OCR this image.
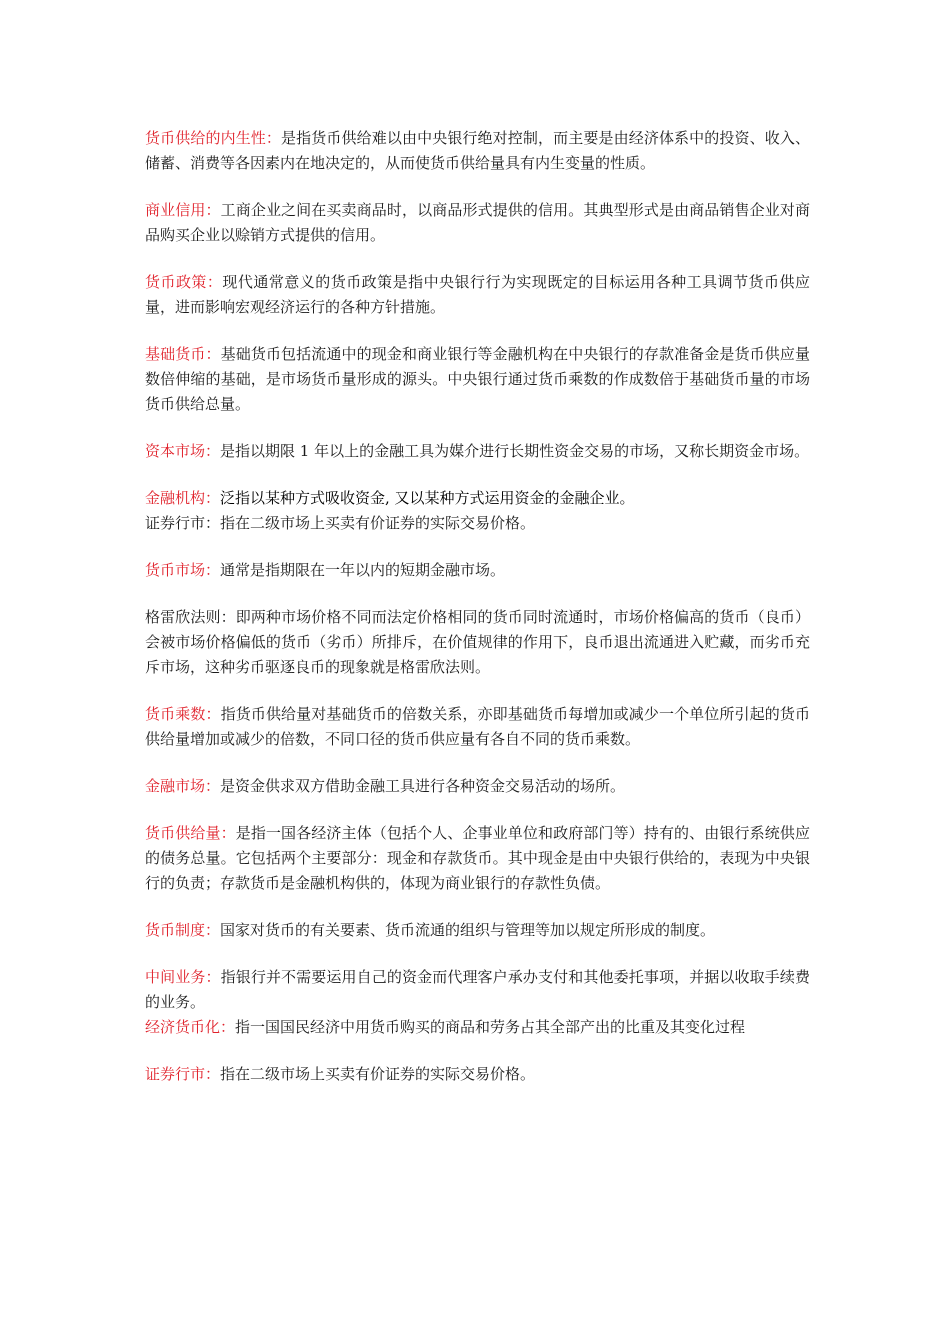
货币供给的内生性：是指货币供给难以由中央银行绝对控制，而主要是由经济体系中的投资、收入、储蓄、消费等各因素内在地决定的，从而使货币供给量具有内生变量的性质。

商业信用：工商企业之间在买卖商品时，以商品形式提供的信用。其典型形式是由商品销售企业对商品购买企业以赊销方式提供的信用。

货币政策：现代通常意义的货币政策是指中央银行行为实现既定的目标运用各种工具调节货币供应量，进而影响宏观经济运行的各种方针措施。

基础货币：基础货币包括流通中的现金和商业银行等金融机构在中央银行的存款准备金是货币供应量数倍伸缩的基础，是市场货币量形成的源头。中央银行通过货币乘数的作成数倍于基础货币量的市场货币供给总量。

资本市场：是指以期限 1 年以上的金融工具为媒介进行长期性资金交易的市场，又称长期资金市场。

金融机构：泛指以某种方式吸收资金, 又以某种方式运用资金的金融企业。

证券行市：指在二级市场上买卖有价证券的实际交易价格。

货币市场：通常是指期限在一年以内的短期金融市场。

格雷欣法则：即两种市场价格不同而法定价格相同的货币同时流通时，市场价格偏高的货币（良币）会被市场价格偏低的货币（劣币）所排斥，在价值规律的作用下，良币退出流通进入贮藏，而劣币充斥市场，这种劣币驱逐良币的现象就是格雷欣法则。

货币乘数：指货币供给量对基础货币的倍数关系，亦即基础货币每增加或减少一个单位所引起的货币供给量增加或减少的倍数，不同口径的货币供应量有各自不同的货币乘数。

金融市场：是资金供求双方借助金融工具进行各种资金交易活动的场所。

货币供给量：是指一国各经济主体（包括个人、企事业单位和政府部门等）持有的、由银行系统供应的债务总量。它包括两个主要部分：现金和存款货币。其中现金是由中央银行供给的，表现为中央银行的负责；存款货币是金融机构供的，体现为商业银行的存款性负债。

货币制度：国家对货币的有关要素、货币流通的组织与管理等加以规定所形成的制度。

中间业务：指银行并不需要运用自己的资金而代理客户承办支付和其他委托事项，并据以收取手续费的业务。

经济货币化：指一国国民经济中用货币购买的商品和劳务占其全部产出的比重及其变化过程

证券行市：指在二级市场上买卖有价证券的实际交易价格。
